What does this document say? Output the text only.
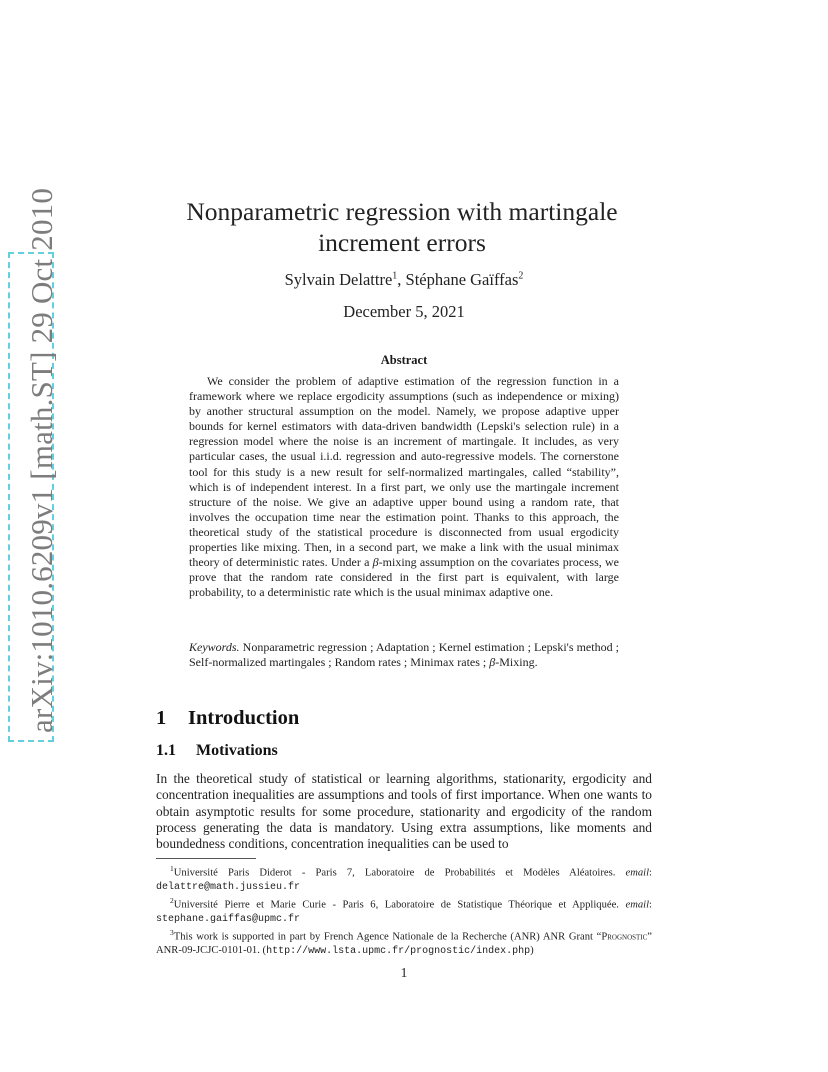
arXiv:1010.6209v1 [math.ST] 29 Oct 2010	Nonparametric regression with martingale increment errors
Sylvain Delattre$^1$, Stéphane Gaïffas$^2$
December 5, 2021
Abstract
We consider the problem of adaptive estimation of the regression function in a framework where we replace ergodicity assumptions (such as independence or mixing) by another structural assumption on the model. Namely, we propose adaptive upper bounds for kernel estimators with data-driven bandwidth (Lepski's selection rule) in a regression model where the noise is an increment of martingale. It includes, as very particular cases, the usual i.i.d. regression and auto-regressive models. The cornerstone tool for this study is a new result for self-normalized martingales, called “stability”, which is of independent interest. In a first part, we only use the martingale increment structure of the noise. We give an adaptive upper bound using a random rate, that involves the occupation time near the estimation point. Thanks to this approach, the theoretical study of the statistical procedure is disconnected from usual ergodicity properties like mixing. Then, in a second part, we make a link with the usual minimax theory of deterministic rates. Under a β-mixing assumption on the covariates process, we prove that the random rate considered in the first part is equivalent, with large probability, to a deterministic rate which is the usual minimax adaptive one.
Keywords. Nonparametric regression ; Adaptation ; Kernel estimation ; Lepski's method ; Self-normalized martingales ; Random rates ; Minimax rates ; β-Mixing.
1 Introduction
1.1 Motivations
In the theoretical study of statistical or learning algorithms, stationarity, ergodicity and concentration inequalities are assumptions and tools of first importance. When one wants to obtain asymptotic results for some procedure, stationarity and ergodicity of the random process generating the data is mandatory. Using extra assumptions, like moments and boundedness conditions, concentration inequalities can be used to

$^1$Université Paris Diderot - Paris 7, Laboratoire de Probabilités et Modèles Aléatoires. email: delattre@math.jussieu.fr

$^2$Université Pierre et Marie Curie - Paris 6, Laboratoire de Statistique Théorique et Appliquée. email: stephane.gaiffas@upmc.fr

$^3$This work is supported in part by French Agence Nationale de la Recherche (ANR) ANR Grant “Prognostic” ANR-09-JCJC-0101-01. (http://www.lsta.upmc.fr/prognostic/index.php)

1
